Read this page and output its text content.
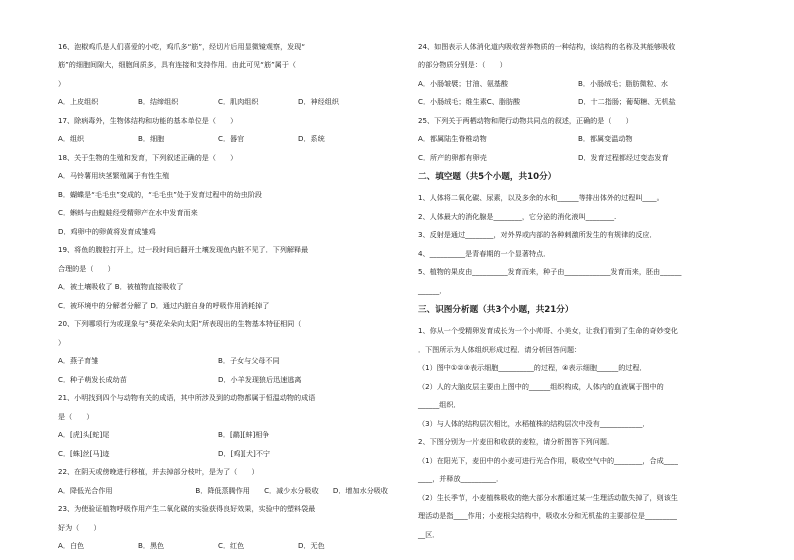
16、泡椒鸡爪是人们喜爱的小吃，鸡爪多“筋”，经切片后用显微镜观察，发现“
筋”的细胞间隙大，细胞间质多，具有连接和支持作用．由此可见“筋”属于（
）
A．上皮组织	B．结缔组织	C．肌肉组织	D．神经组织
17、除病毒外，生物体结构和功能的基本单位是（　　）
A．组织	B．细胞	C．器官	D．系统
18、关于生物的生殖和发育，下列叙述正确的是（　　）
A．马铃薯用块茎繁殖属于有性生殖
B．蝴蝶是“毛毛虫”变成的，“毛毛虫”处于发育过程中的幼虫阶段
C．蝌蚪与由蝗蛙经受精卵产在水中发育而来
D．鸡卵中的卵黄将发育成雏鸡
19、将鱼的腹腔打开上，过一段时间后翻开土壤发现鱼内脏不见了．下列解释最
合理的是（　　）
A．被土壤吸收了 B．被植物直接吸收了
C．被环境中的分解者分解了 D．通过内脏自身的呼吸作用消耗掉了
20、下列哪项行为或现象与“葵花朵朵向太阳”所表现出的生物基本特征相同（
）
A．燕子育雏	B．子女与父母不同
C．种子萌发长成幼苗	D．小羊发现狼后迅速逃离
21、小明找到四个与动物有关的成语，其中所涉及到的动物都属于恒温动物的成语
是（　　）
A．[虎]头[蛇]尾	B．[鹬][蚌]相争
C．[蛛]丝[马]迹	D．[鸡][犬]不宁
22、在阴天或傍晚进行移植，并去掉部分枝叶，是为了（　　）
A．降低光合作用	B．降低蒸腾作用　　C．减少水分吸收　　D．增加水分吸收
23、为使验证植物呼吸作用产生二氧化碳的实验获得良好效果，实验中的塑料袋最
好为（　　）
A．白色	B．黑色	C．红色	D．无色
24、如图表示人体消化道内吸收营养物质的一种结构，该结构的名称及其能够吸收
的部分物质分别是：（　　）
A．小肠皱襞；甘油、氨基酸	B．小肠绒毛；脂肪微粒、水
C．小肠绒毛；维生素C、脂肪酸	D．十二指肠；葡萄糖、无机盐
25、下列关于两栖动物和爬行动物共同点的叙述，正确的是（　　）
A．都属陆生脊椎动物	B．都属变温动物
C．所产的卵都有卵壳	D．发育过程都经过变态发育
二、填空题（共5个小题，共10分）
1、人体将二氧化碳、尿素，以及多余的水和______等排出体外的过程叫____。
2、人体最大的消化腺是________，它分泌的消化液叫________.
3、反射是通过________，对外界或内部的各种刺激所发生的有规律的反应．
4、__________是青春期的一个显著特点．
5、植物的果皮由__________发育而来，种子由_____________发育而来，胚由______
______．
三、识图分析题（共3个小题，共21分）
1、你从一个受精卵发育成长为一个小帅哥、小美女，让我们看到了生命的奇妙变化
．下图所示为人体组织形成过程．请分析回答问题：
（1）图中①②③表示细胞__________的过程，④表示细胞______的过程．
（2）人的大脑皮层主要由上图中的______组织构成，人体内的血液属于图中的
______组织．
（3）与人体的结构层次相比，水稻植株的结构层次中没有____________．
2、下图分别为一片麦田和收获的麦粒，请分析图答下列问题．
（1）在阳光下，麦田中的小麦可进行光合作用，吸收空气中的________，合成____
____，并释放__________．
（2）生长季节，小麦植株吸收的绝大部分水都通过某一生理活动散失掉了，则该生
理活动是指____作用；小麦根尖结构中，吸收水分和无机盐的主要部位是_________
__区．
